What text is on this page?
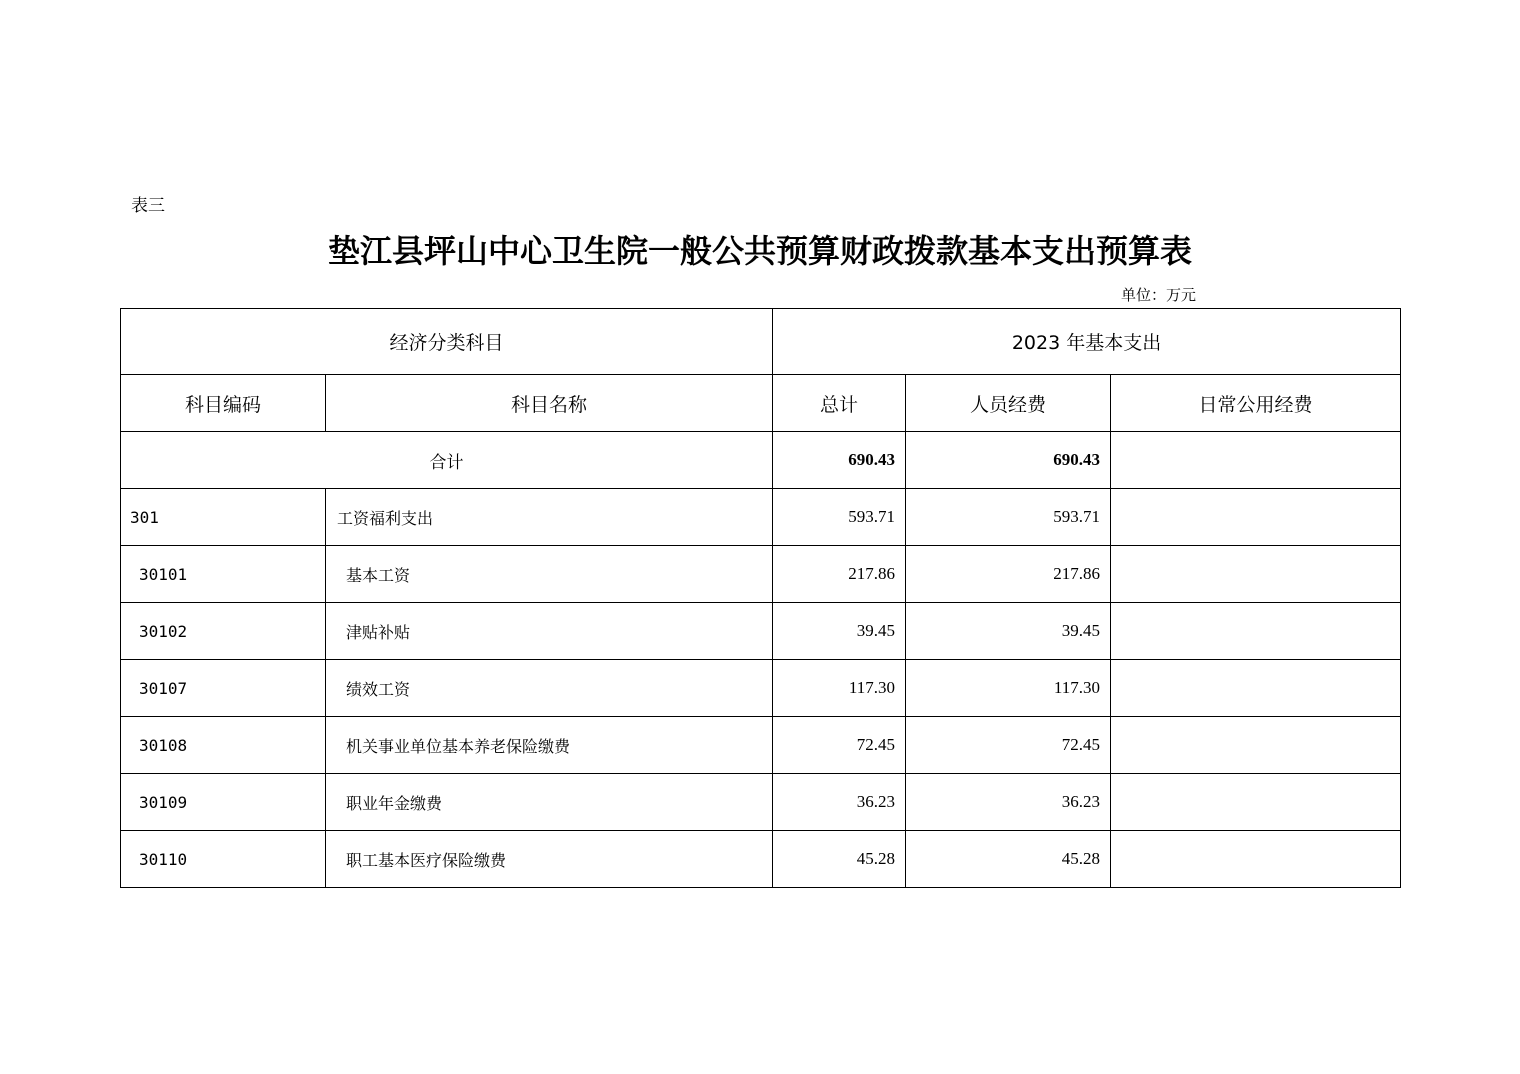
表三
垫江县坪山中心卫生院一般公共预算财政拨款基本支出预算表
单位：万元
经济分类科目		2023 年基本支出		
科目编码	科目名称	总计	人员经费	日常公用经费
合计		690.43	690.43	
301	工资福利支出	593.71	593.71	
30101	基本工资	217.86	217.86	
30102	津贴补贴	39.45	39.45	
30107	绩效工资	117.30	117.30	
30108	机关事业单位基本养老保险缴费	72.45	72.45	
30109	职业年金缴费	36.23	36.23	
30110	职工基本医疗保险缴费	45.28	45.28	
